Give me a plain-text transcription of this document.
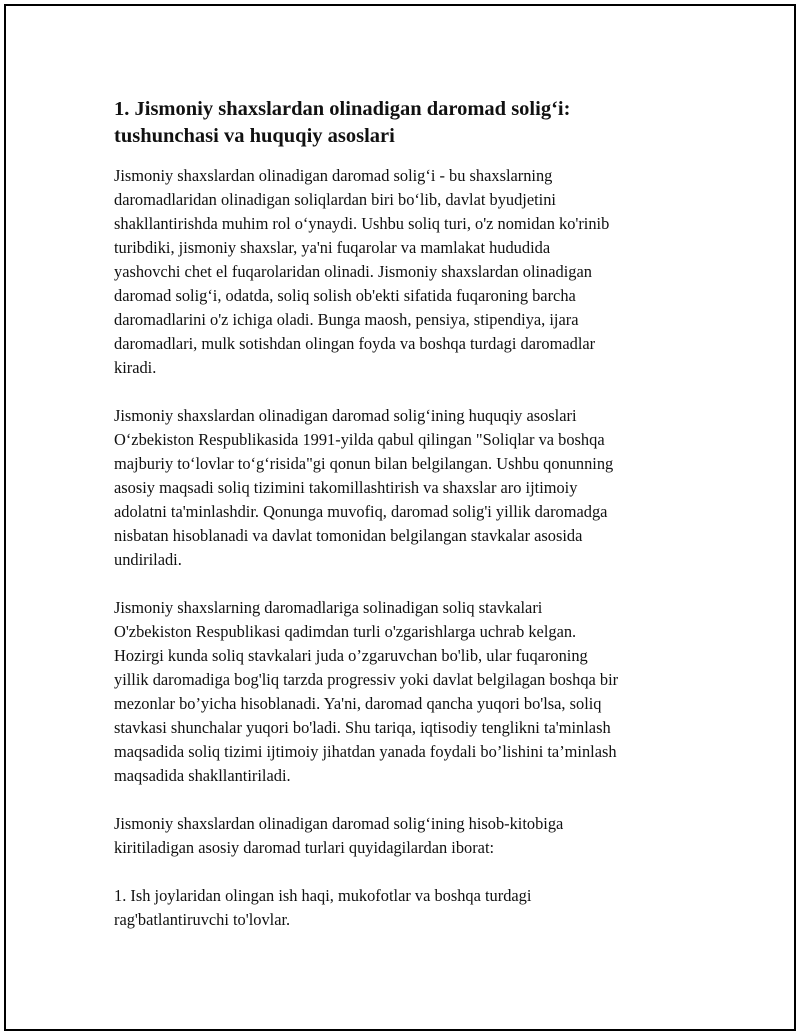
1. Jismoniy shaxslardan olinadigan daromad solig‘i:
tushunchasi va huquqiy asoslari

Jismoniy shaxslardan olinadigan daromad solig‘i - bu shaxslarning
daromadlaridan olinadigan soliqlardan biri bo‘lib, davlat byudjetini
shakllantirishda muhim rol o‘ynaydi. Ushbu soliq turi, o'z nomidan ko'rinib
turibdiki, jismoniy shaxslar, ya'ni fuqarolar va mamlakat hududida
yashovchi chet el fuqarolaridan olinadi. Jismoniy shaxslardan olinadigan
daromad solig‘i, odatda, soliq solish ob'ekti sifatida fuqaroning barcha
daromadlarini o'z ichiga oladi. Bunga maosh, pensiya, stipendiya, ijara
daromadlari, mulk sotishdan olingan foyda va boshqa turdagi daromadlar
kiradi.

Jismoniy shaxslardan olinadigan daromad solig‘ining huquqiy asoslari
O‘zbekiston Respublikasida 1991-yilda qabul qilingan "Soliqlar va boshqa
majburiy to‘lovlar to‘g‘risida"gi qonun bilan belgilangan. Ushbu qonunning
asosiy maqsadi soliq tizimini takomillashtirish va shaxslar aro ijtimoiy
adolatni ta'minlashdir. Qonunga muvofiq, daromad solig'i yillik daromadga
nisbatan hisoblanadi va davlat tomonidan belgilangan stavkalar asosida
undiriladi.

Jismoniy shaxslarning daromadlariga solinadigan soliq stavkalari
O'zbekiston Respublikasi qadimdan turli o'zgarishlarga uchrab kelgan.
Hozirgi kunda soliq stavkalari juda o’zgaruvchan bo'lib, ular fuqaroning
yillik daromadiga bog'liq tarzda progressiv yoki davlat belgilagan boshqa bir
mezonlar bo’yicha hisoblanadi. Ya'ni, daromad qancha yuqori bo'lsa, soliq
stavkasi shunchalar yuqori bo'ladi. Shu tariqa, iqtisodiy tenglikni ta'minlash
maqsadida soliq tizimi ijtimoiy jihatdan yanada foydali bo’lishini ta’minlash
maqsadida shakllantiriladi.

Jismoniy shaxslardan olinadigan daromad solig‘ining hisob-kitobiga
kiritiladigan asosiy daromad turlari quyidagilardan iborat:

1. Ish joylaridan olingan ish haqi, mukofotlar va boshqa turdagi
rag'batlantiruvchi to'lovlar.
